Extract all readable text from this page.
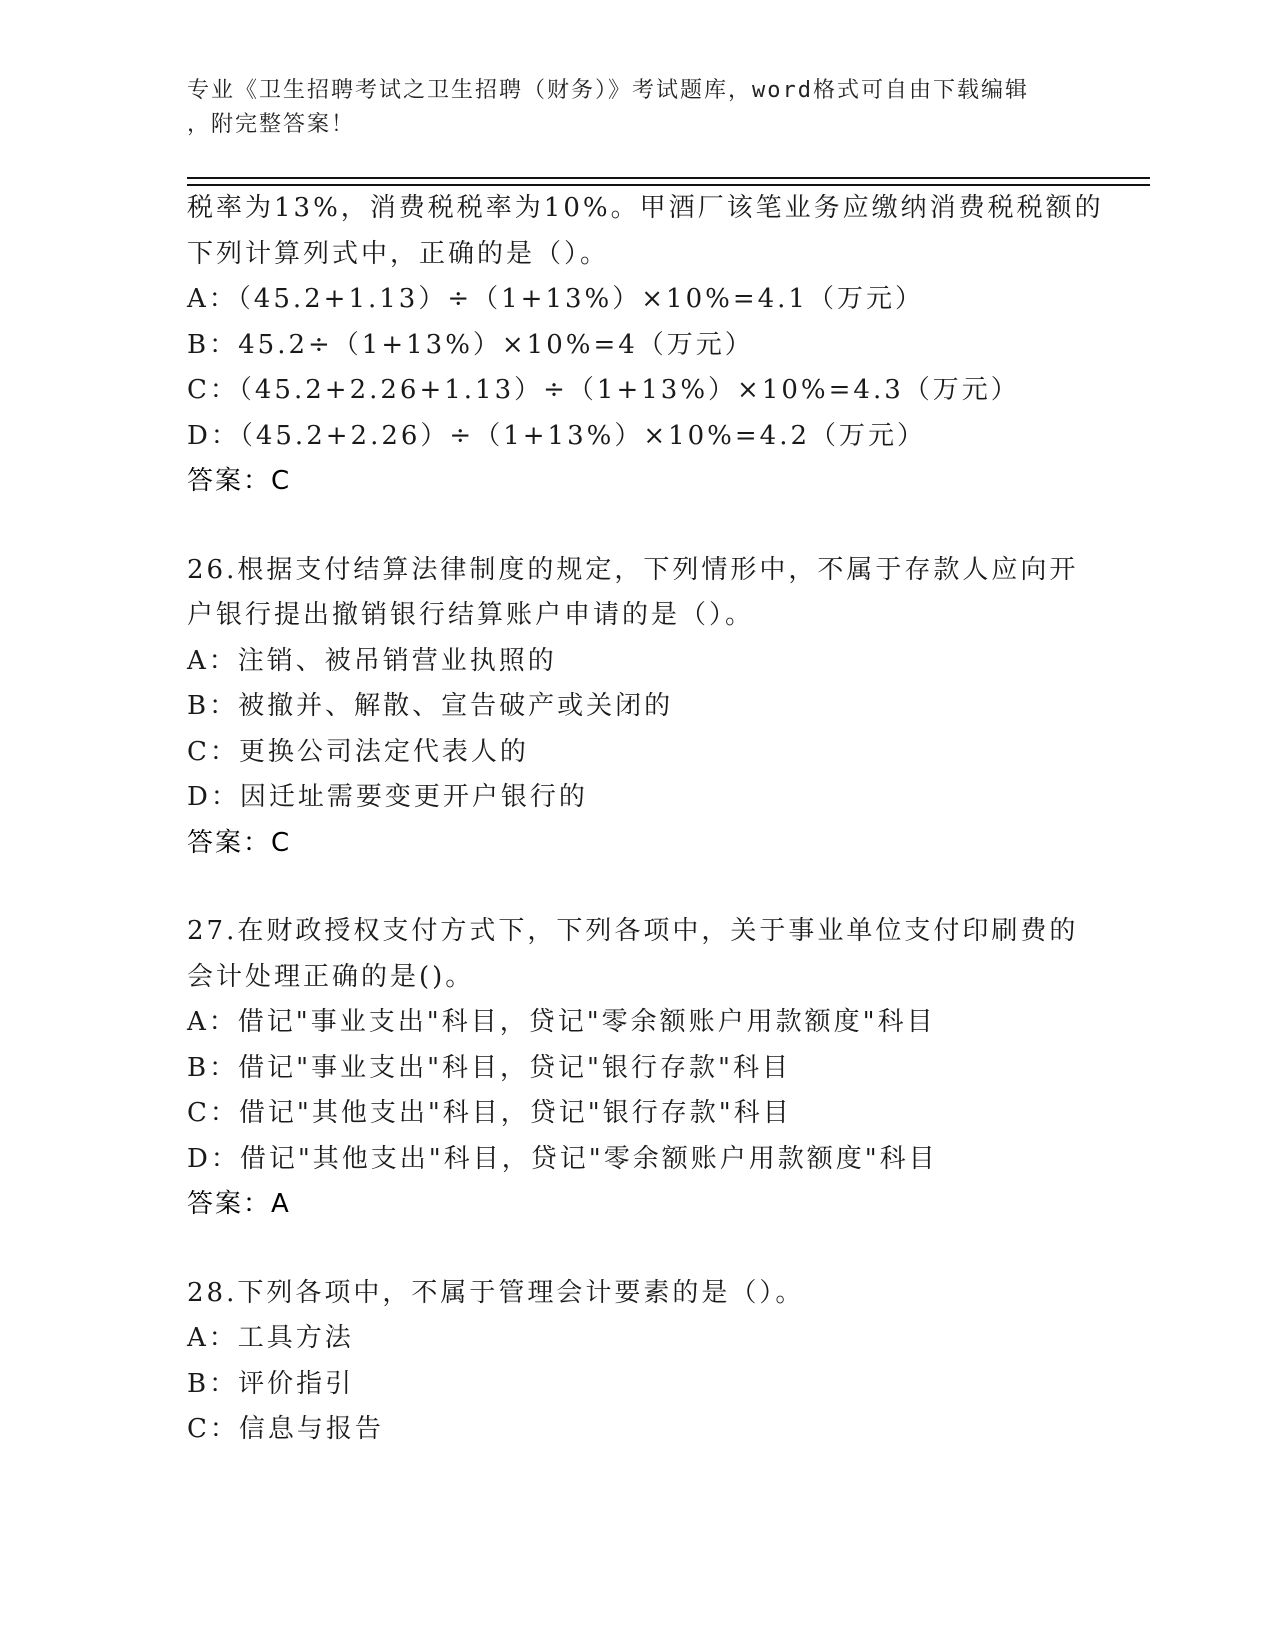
专业《卫生招聘考试之卫生招聘（财务）》考试题库，word格式可自由下载编辑
，附完整答案！
税率为13%，消费税税率为10%。甲酒厂该笔业务应缴纳消费税税额的
下列计算列式中，正确的是（）。
A：（45.2+1.13）÷（1+13%）×10%=4.1（万元）
B：45.2÷（1+13%）×10%=4（万元）
C：（45.2+2.26+1.13）÷（1+13%）×10%=4.3（万元）
D：（45.2+2.26）÷（1+13%）×10%=4.2（万元）
答案：C
26.根据支付结算法律制度的规定，下列情形中，不属于存款人应向开
户银行提出撤销银行结算账户申请的是（）。
A：注销、被吊销营业执照的
B：被撤并、解散、宣告破产或关闭的
C：更换公司法定代表人的
D：因迁址需要变更开户银行的
答案：C
27.在财政授权支付方式下，下列各项中，关于事业单位支付印刷费的
会计处理正确的是()。
A：借记"事业支出"科目，贷记"零余额账户用款额度"科目
B：借记"事业支出"科目，贷记"银行存款"科目
C：借记"其他支出"科目，贷记"银行存款"科目
D：借记"其他支出"科目，贷记"零余额账户用款额度"科目
答案：A
28.下列各项中，不属于管理会计要素的是（）。
A：工具方法
B：评价指引
C：信息与报告
